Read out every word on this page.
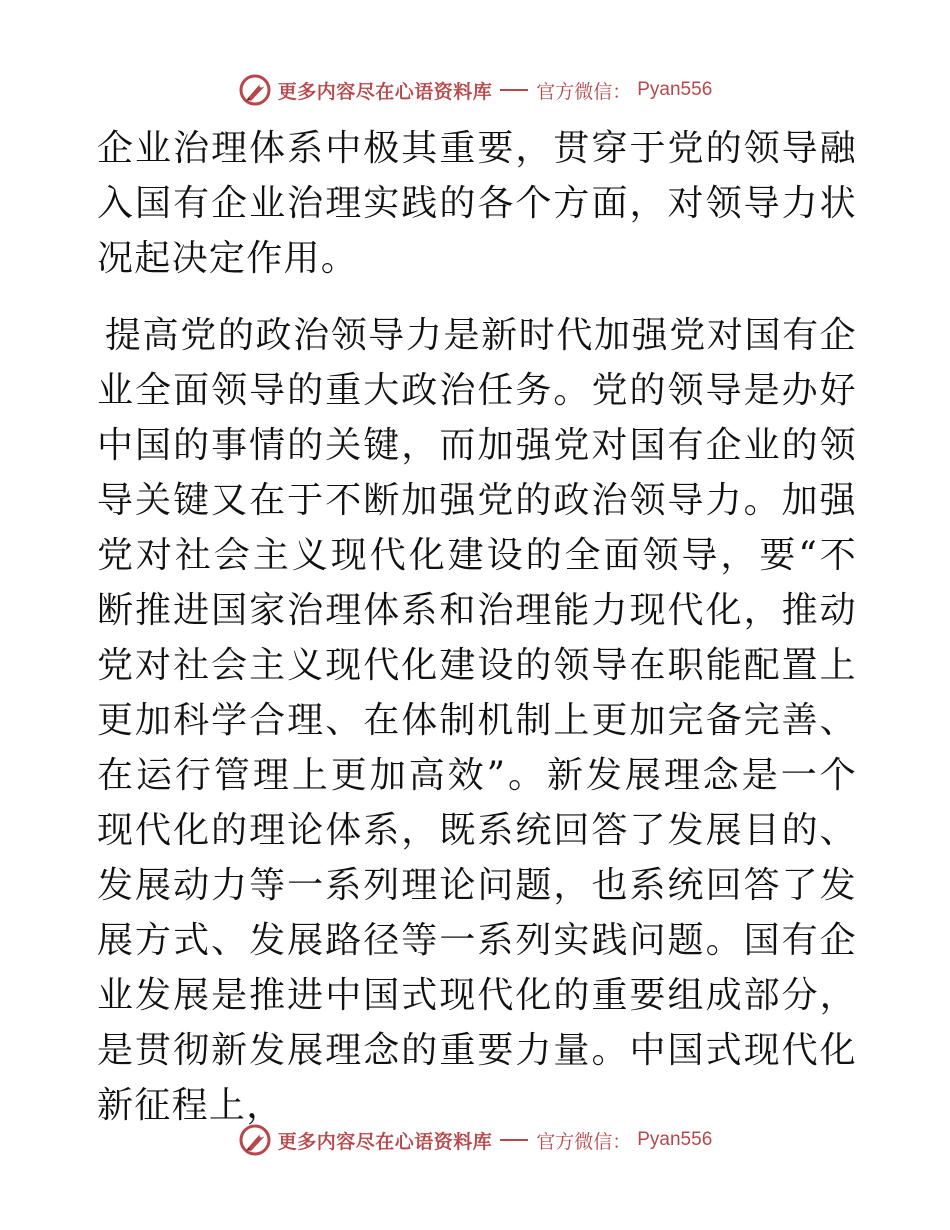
更多内容尽在心语资料库 官方微信： Pyan556

企业治理体系中极其重要，贯穿于党的领导融入国有企业治理实践的各个方面，对领导力状况起决定作用。

提高党的政治领导力是新时代加强党对国有企业全面领导的重大政治任务。党的领导是办好中国的事情的关键，而加强党对国有企业的领导关键又在于不断加强党的政治领导力。加强党对社会主义现代化建设的全面领导，要“不断推进国家治理体系和治理能力现代化，推动党对社会主义现代化建设的领导在职能配置上更加科学合理、在体制机制上更加完备完善、在运行管理上更加高效”。新发展理念是一个现代化的理论体系，既系统回答了发展目的、发展动力等一系列理论问题，也系统回答了发展方式、发展路径等一系列实践问题。国有企业发展是推进中国式现代化的重要组成部分，是贯彻新发展理念的重要力量。中国式现代化新征程上，

更多内容尽在心语资料库 官方微信： Pyan556
